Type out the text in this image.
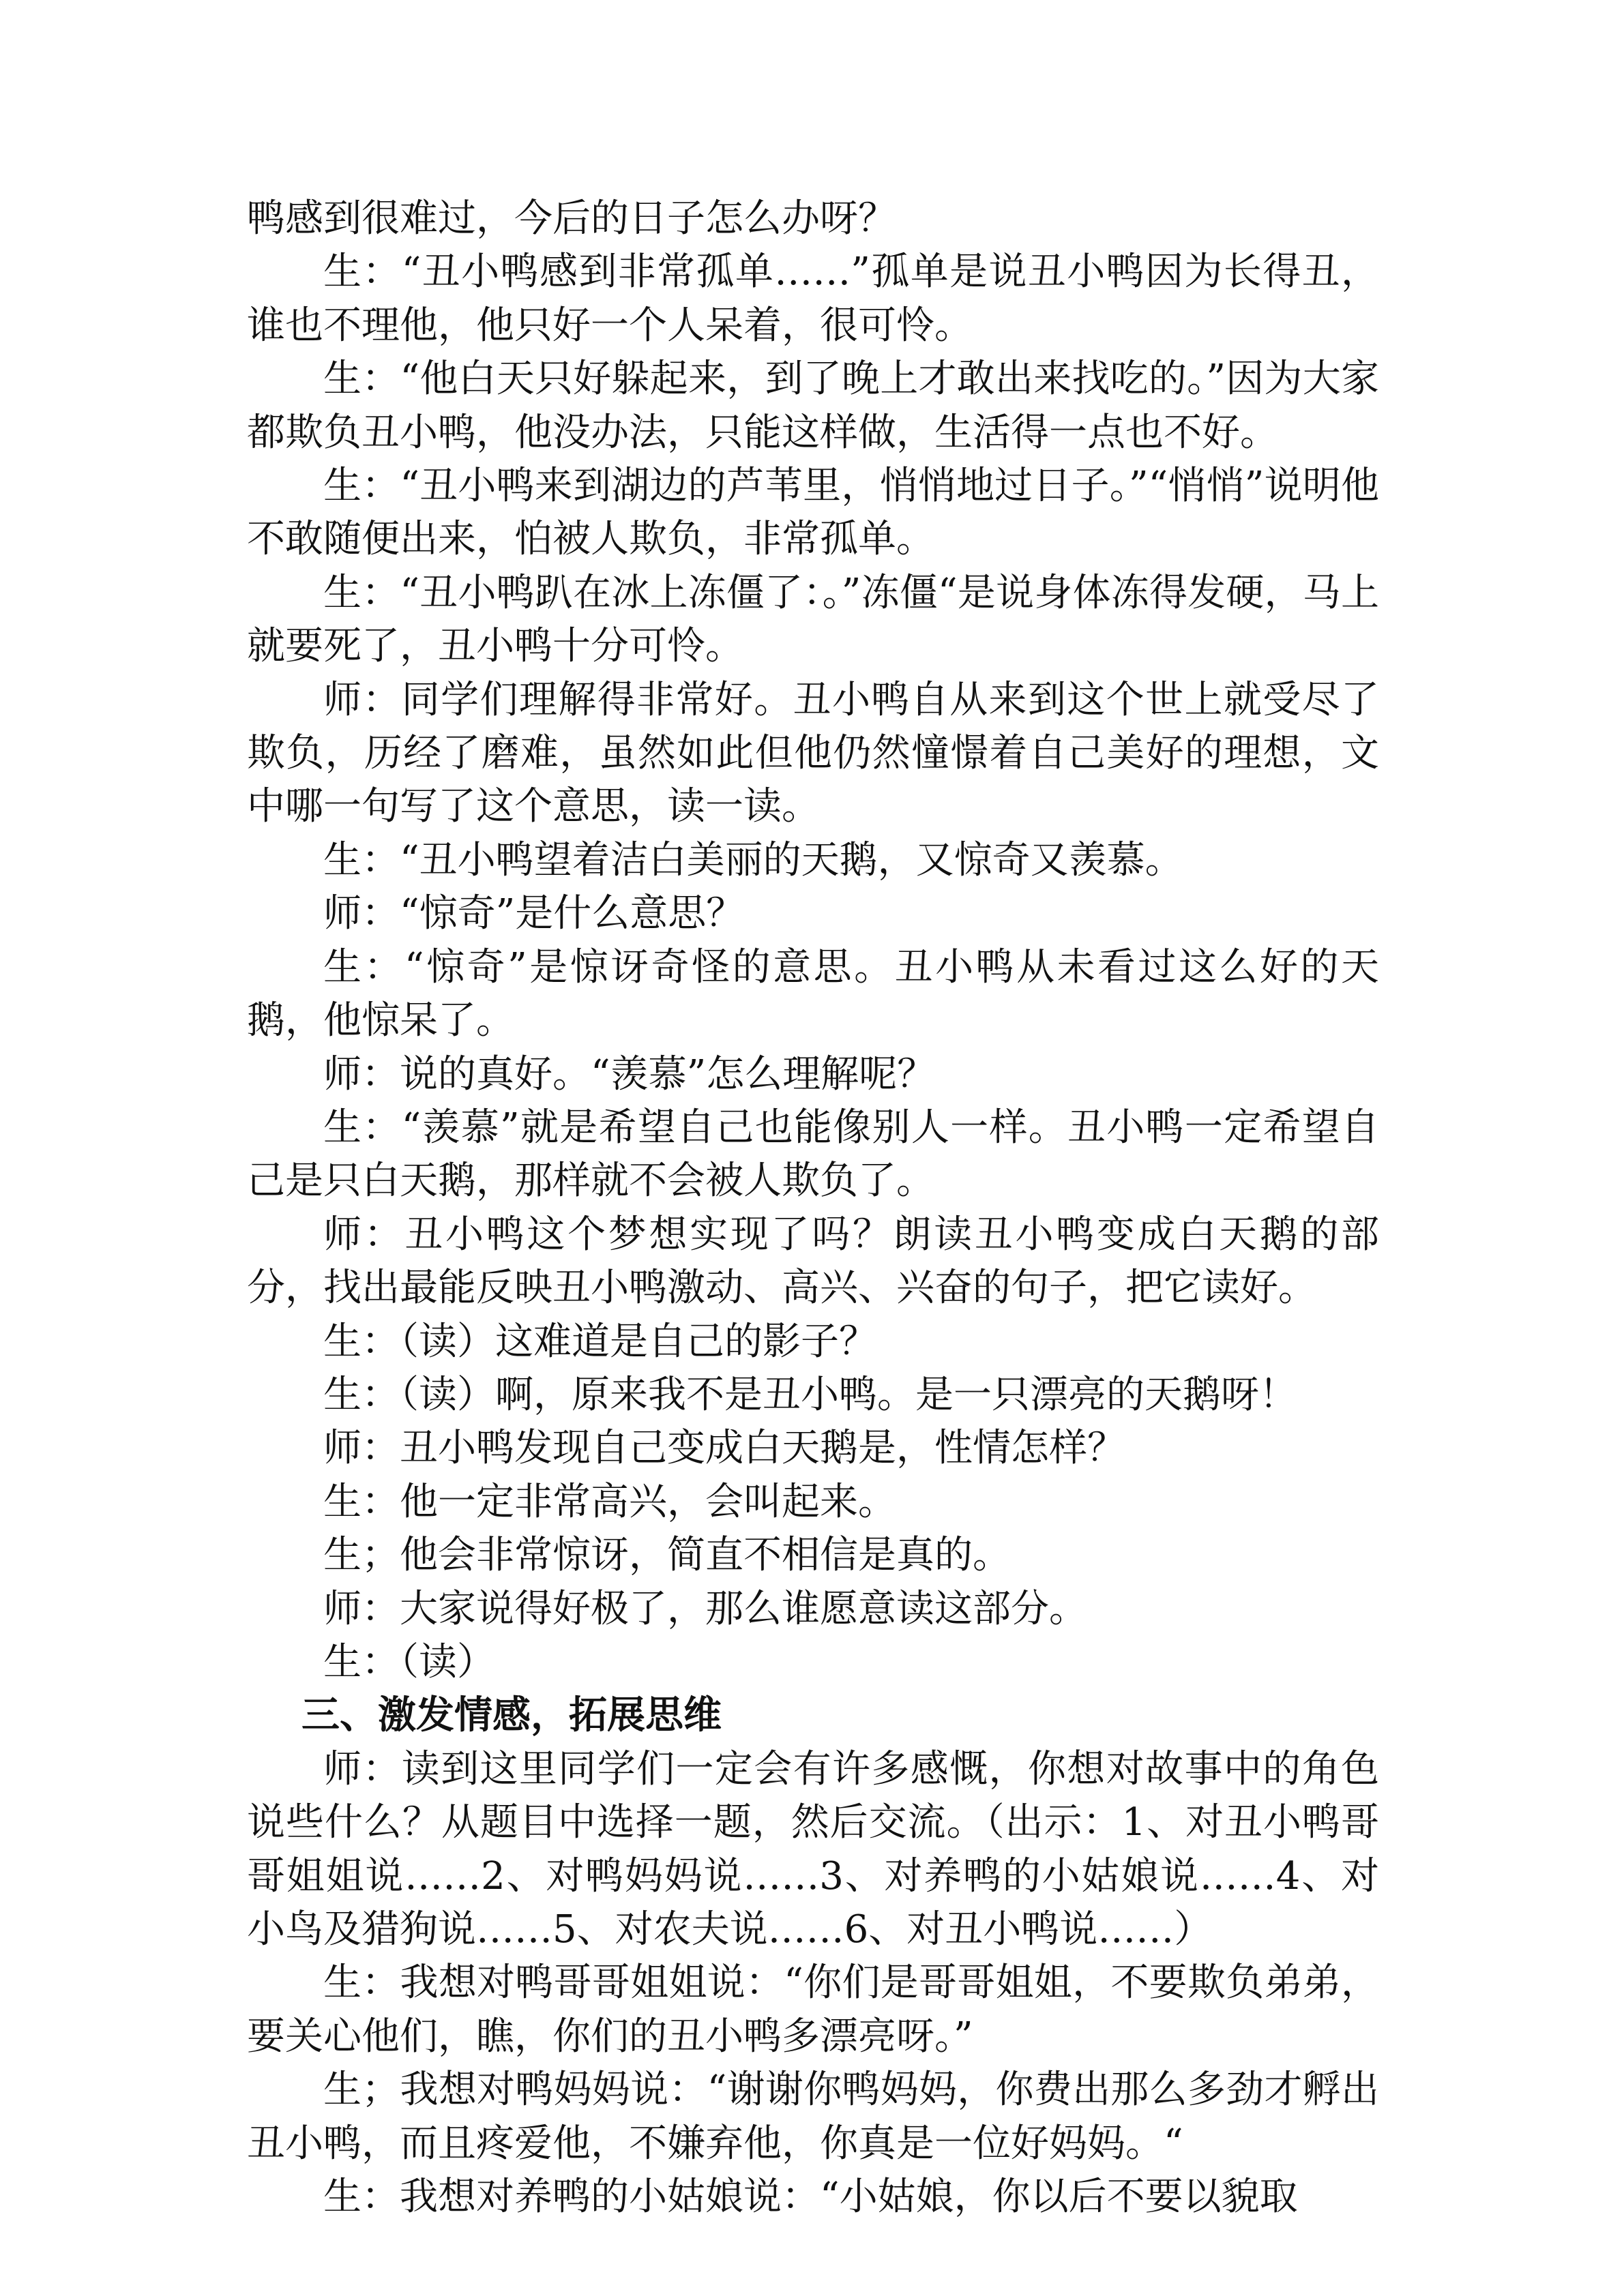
鸭感到很难过，今后的日子怎么办呀？

生：“丑小鸭感到非常孤单……”孤单是说丑小鸭因为长得丑，谁也不理他，他只好一个人呆着，很可怜。

生：“他白天只好躲起来，到了晚上才敢出来找吃的。”因为大家都欺负丑小鸭，他没办法，只能这样做，生活得一点也不好。

生：“丑小鸭来到湖边的芦苇里，悄悄地过日子。”“悄悄”说明他不敢随便出来，怕被人欺负，非常孤单。

生：“丑小鸭趴在冰上冻僵了：。”冻僵“是说身体冻得发硬，马上就要死了，丑小鸭十分可怜。

师：同学们理解得非常好。丑小鸭自从来到这个世上就受尽了欺负，历经了磨难，虽然如此但他仍然憧憬着自己美好的理想，文中哪一句写了这个意思，读一读。

生：“丑小鸭望着洁白美丽的天鹅，又惊奇又羡慕。

师：“惊奇”是什么意思？

生：“惊奇”是惊讶奇怪的意思。丑小鸭从未看过这么好的天鹅，他惊呆了。

师：说的真好。“羡慕”怎么理解呢？

生：“羡慕”就是希望自己也能像别人一样。丑小鸭一定希望自己是只白天鹅，那样就不会被人欺负了。

师：丑小鸭这个梦想实现了吗？朗读丑小鸭变成白天鹅的部分，找出最能反映丑小鸭激动、高兴、兴奋的句子，把它读好。

生：（读）这难道是自己的影子？

生：（读）啊，原来我不是丑小鸭。是一只漂亮的天鹅呀！

师：丑小鸭发现自己变成白天鹅是，性情怎样？

生：他一定非常高兴，会叫起来。

生；他会非常惊讶，简直不相信是真的。

师：大家说得好极了，那么谁愿意读这部分。

生：（读）

三、激发情感，拓展思维

师：读到这里同学们一定会有许多感慨，你想对故事中的角色说些什么？从题目中选择一题，然后交流。（出示：1、对丑小鸭哥哥姐姐说……2、对鸭妈妈说……3、对养鸭的小姑娘说……4、对小鸟及猎狗说……5、对农夫说……6、对丑小鸭说……）

生：我想对鸭哥哥姐姐说：“你们是哥哥姐姐，不要欺负弟弟，要关心他们，瞧，你们的丑小鸭多漂亮呀。”

生；我想对鸭妈妈说：“谢谢你鸭妈妈，你费出那么多劲才孵出丑小鸭，而且疼爱他，不嫌弃他，你真是一位好妈妈。“

生：我想对养鸭的小姑娘说：“小姑娘，你以后不要以貌取
